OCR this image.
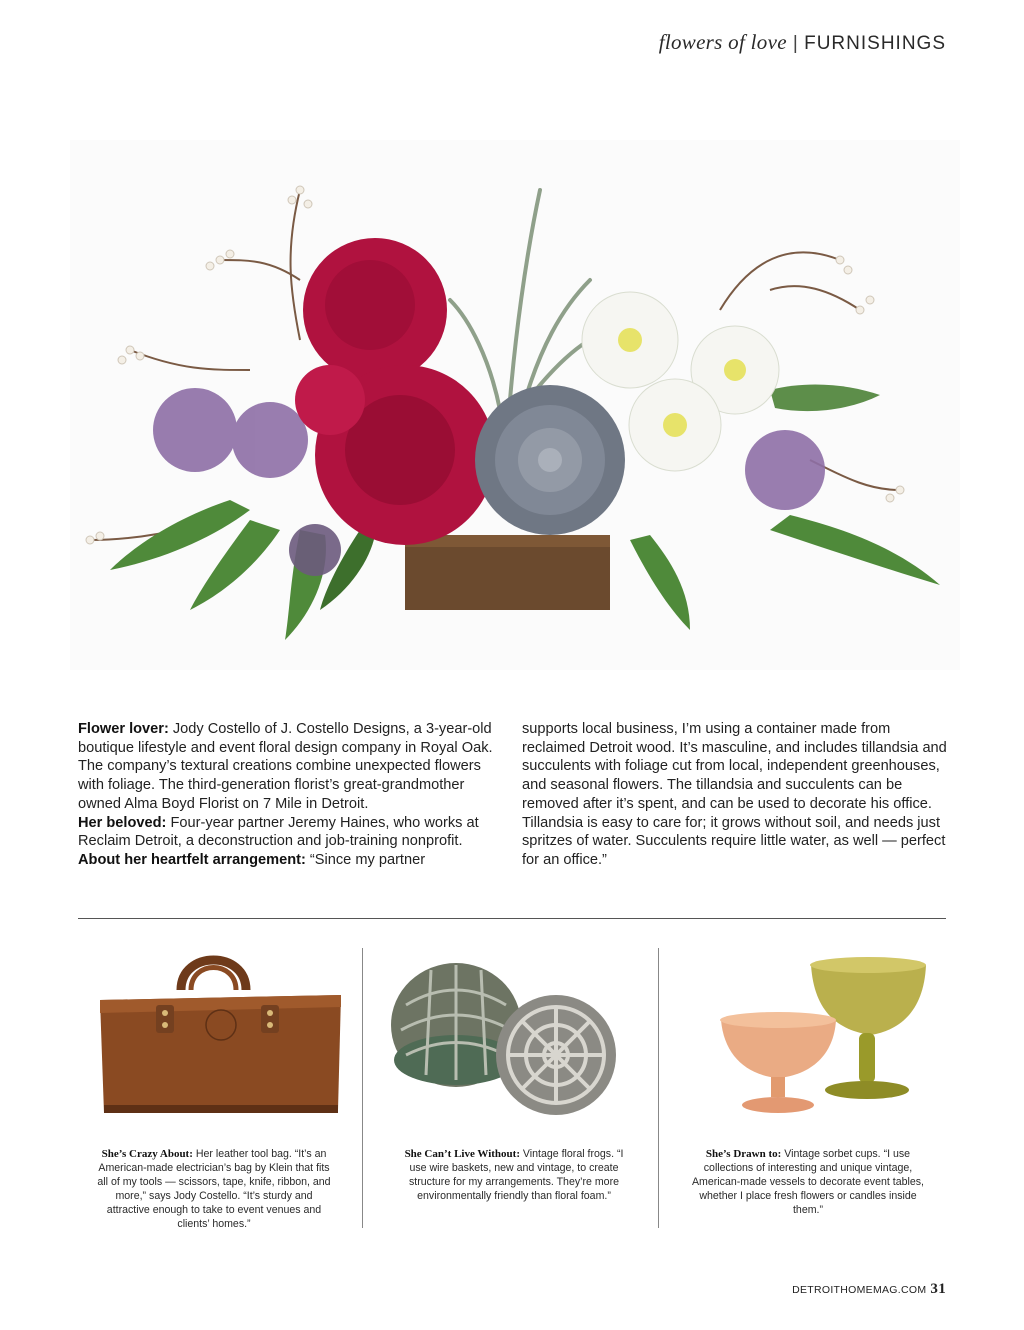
flowers of love | FURNISHINGS
Flower lover: Jody Costello of J. Costello Designs, a 3-year-old boutique lifestyle and event floral design company in Royal Oak. The company’s textural creations combine unexpected flowers with foliage. The third-generation florist’s great-grandmother owned Alma Boyd Florist on 7 Mile in Detroit.
Her beloved: Four-year partner Jeremy Haines, who works at Reclaim Detroit, a deconstruction and job-training nonprofit.
About her heartfelt arrangement: “Since my partner
supports local business, I’m using a container made from reclaimed Detroit wood. It’s masculine, and includes tillandsia and succulents with foliage cut from local, independent greenhouses, and seasonal flowers. The tillandsia and succulents can be removed after it’s spent, and can be used to decorate his office. Tillandsia is easy to care for; it grows without soil, and needs just spritzes of water. Succulents require little water, as well — perfect for an office.”
She’s Crazy About: Her leather tool bag. “It’s an American-made electrician’s bag by Klein that fits all of my tools — scissors, tape, knife, ribbon, and more,” says Jody Costello. “It’s sturdy and attractive enough to take to event venues and clients’ homes.”
She Can’t Live Without: Vintage floral frogs. “I use wire baskets, new and vintage, to create structure for my arrangements. They’re more environmentally friendly than floral foam.”
She’s Drawn to: Vintage sorbet cups. “I use collections of interesting and unique vintage, American-made vessels to decorate event tables, whether I place fresh flowers or candles inside them.”
DETROITHOMEMAG.COM 31
